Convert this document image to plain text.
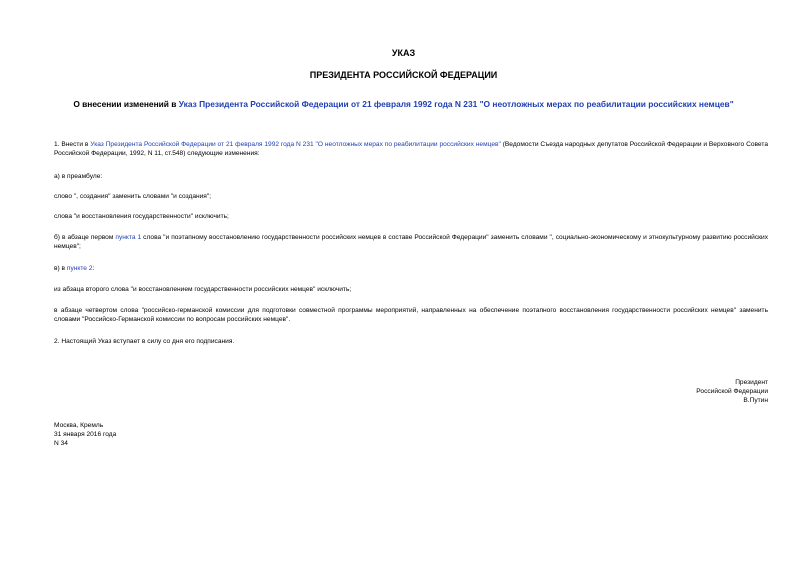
УКАЗ
ПРЕЗИДЕНТА РОССИЙСКОЙ ФЕДЕРАЦИИ
О внесении изменений в Указ Президента Российской Федерации от 21 февраля 1992 года N 231 "О неотложных мерах по реабилитации российских немцев"

1. Внести в Указ Президента Российской Федерации от 21 февраля 1992 года N 231 "О неотложных мерах по реабилитации российских немцев" (Ведомости Съезда народных депутатов Российской Федерации и Верховного Совета Российской Федерации, 1992, N 11, ст.548) следующие изменения:

а) в преамбуле:

слово ", создания" заменить словами "и создания";

слова "и восстановления государственности" исключить;

б) в абзаце первом пункта 1 слова "и поэтапному восстановлению государственности российских немцев в составе Российской Федерации" заменить словами ", социально-экономическому и этнокультурному развитию российских немцев";

в) в пункте 2:

из абзаца второго слова "и восстановлением государственности российских немцев" исключить;

в абзаце четвертом слова "российско-германской комиссии для подготовки совместной программы мероприятий, направленных на обеспечение поэтапного восстановления государственности российских немцев" заменить словами "Российско-Германской комиссии по вопросам российских немцев".

2. Настоящий Указ вступает в силу со дня его подписания.

Президент
Российской Федерации
В.Путин
Москва, Кремль
31 января 2016 года
N 34
